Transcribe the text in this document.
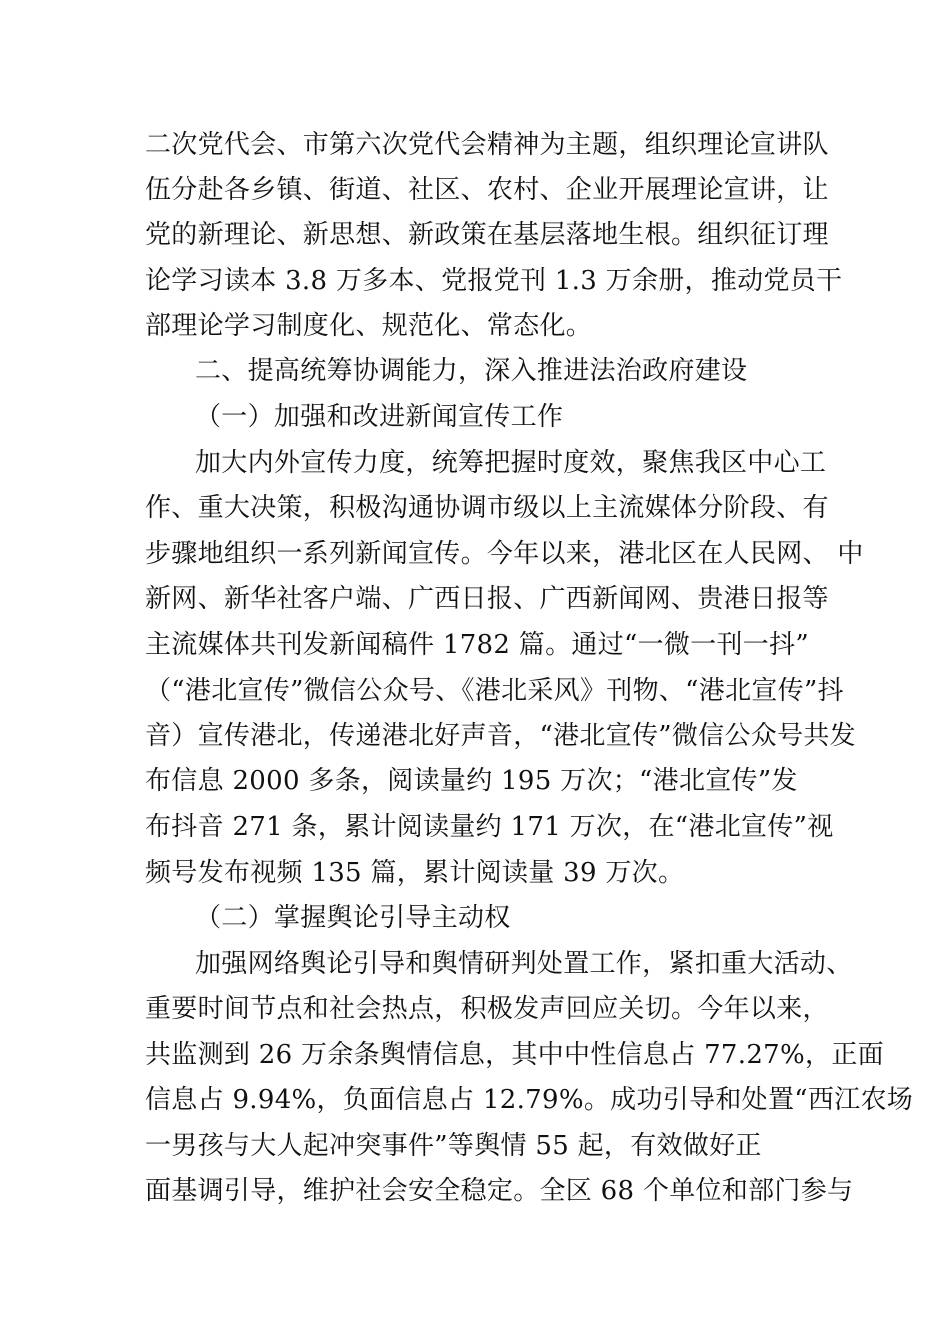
二次党代会、市第六次党代会精神为主题，组织理论宣讲队
伍分赴各乡镇、街道、社区、农村、企业开展理论宣讲，让
党的新理论、新思想、新政策在基层落地生根。组织征订理
论学习读本 3.8 万多本、党报党刊 1.3 万余册，推动党员干
部理论学习制度化、规范化、常态化。
二、提高统筹协调能力，深入推进法治政府建设
（一）加强和改进新闻宣传工作
加大内外宣传力度，统筹把握时度效，聚焦我区中心工
作、重大决策，积极沟通协调市级以上主流媒体分阶段、有
步骤地组织一系列新闻宣传。今年以来，港北区在人民网、 中
新网、新华社客户端、广西日报、广西新闻网、贵港日报等
主流媒体共刊发新闻稿件 1782 篇。通过“一微一刊一抖”
（“港北宣传”微信公众号、《港北采风》刊物、“港北宣传”抖
音）宣传港北，传递港北好声音，“港北宣传”微信公众号共发
布信息 2000 多条，阅读量约 195 万次；“港北宣传”发
布抖音 271 条，累计阅读量约 171 万次，在“港北宣传”视
频号发布视频 135 篇，累计阅读量 39 万次。
（二）掌握舆论引导主动权
加强网络舆论引导和舆情研判处置工作，紧扣重大活动、
重要时间节点和社会热点，积极发声回应关切。今年以来，
共监测到 26 万余条舆情信息，其中中性信息占 77.27%，正面
信息占 9.94%，负面信息占 12.79%。成功引导和处置“西江农场
一男孩与大人起冲突事件”等舆情 55 起，有效做好正
面基调引导，维护社会安全稳定。全区 68 个单位和部门参与
